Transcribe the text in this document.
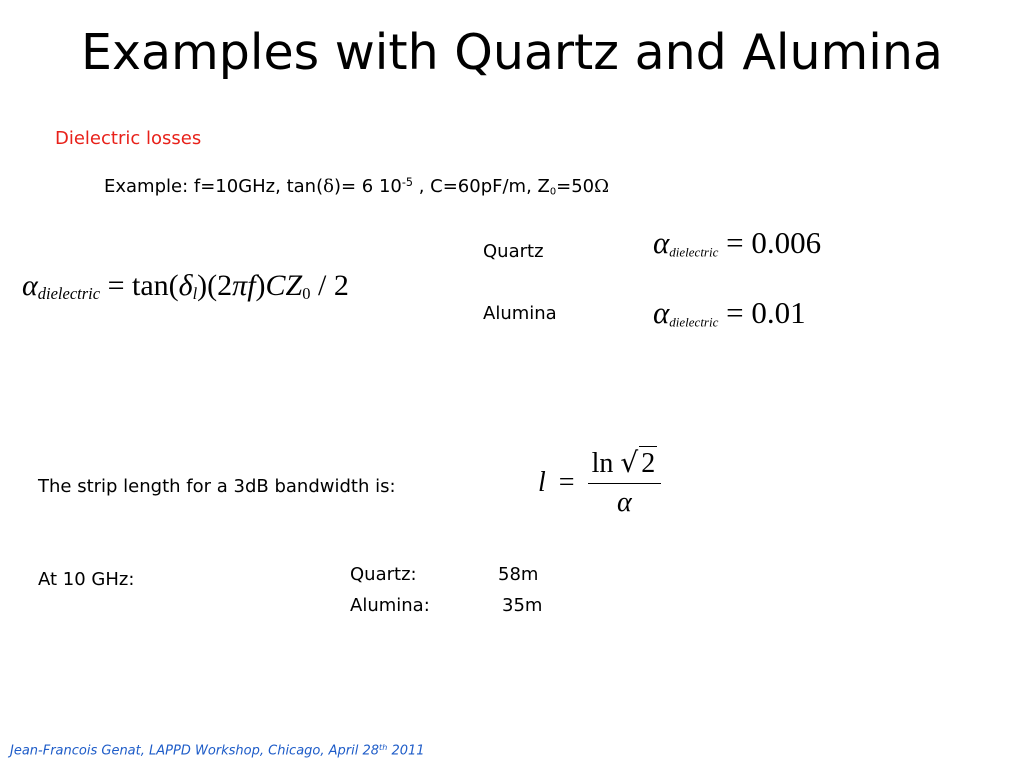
Examples with Quartz and Alumina
Dielectric losses
Example: f=10GHz, tan(δ)= 6 $10^{-5}$ , C=60pF/m, $Z_0=50\Omega$
$\alpha_{dielectric} = \tan(\delta_l)(2\pi f)CZ_0 / 2$
Quartz	$\alpha_{dielectric} = 0.006$
Alumina	$\alpha_{dielectric} = 0.01$
The strip length for a 3dB bandwidth is:	$l = \frac{\ln √ 2}{\alpha}$
At 10 GHz:	Quartz:	58m
Alumina:	35m
Jean-Francois Genat, LAPPD Workshop, Chicago, April 28th 2011
